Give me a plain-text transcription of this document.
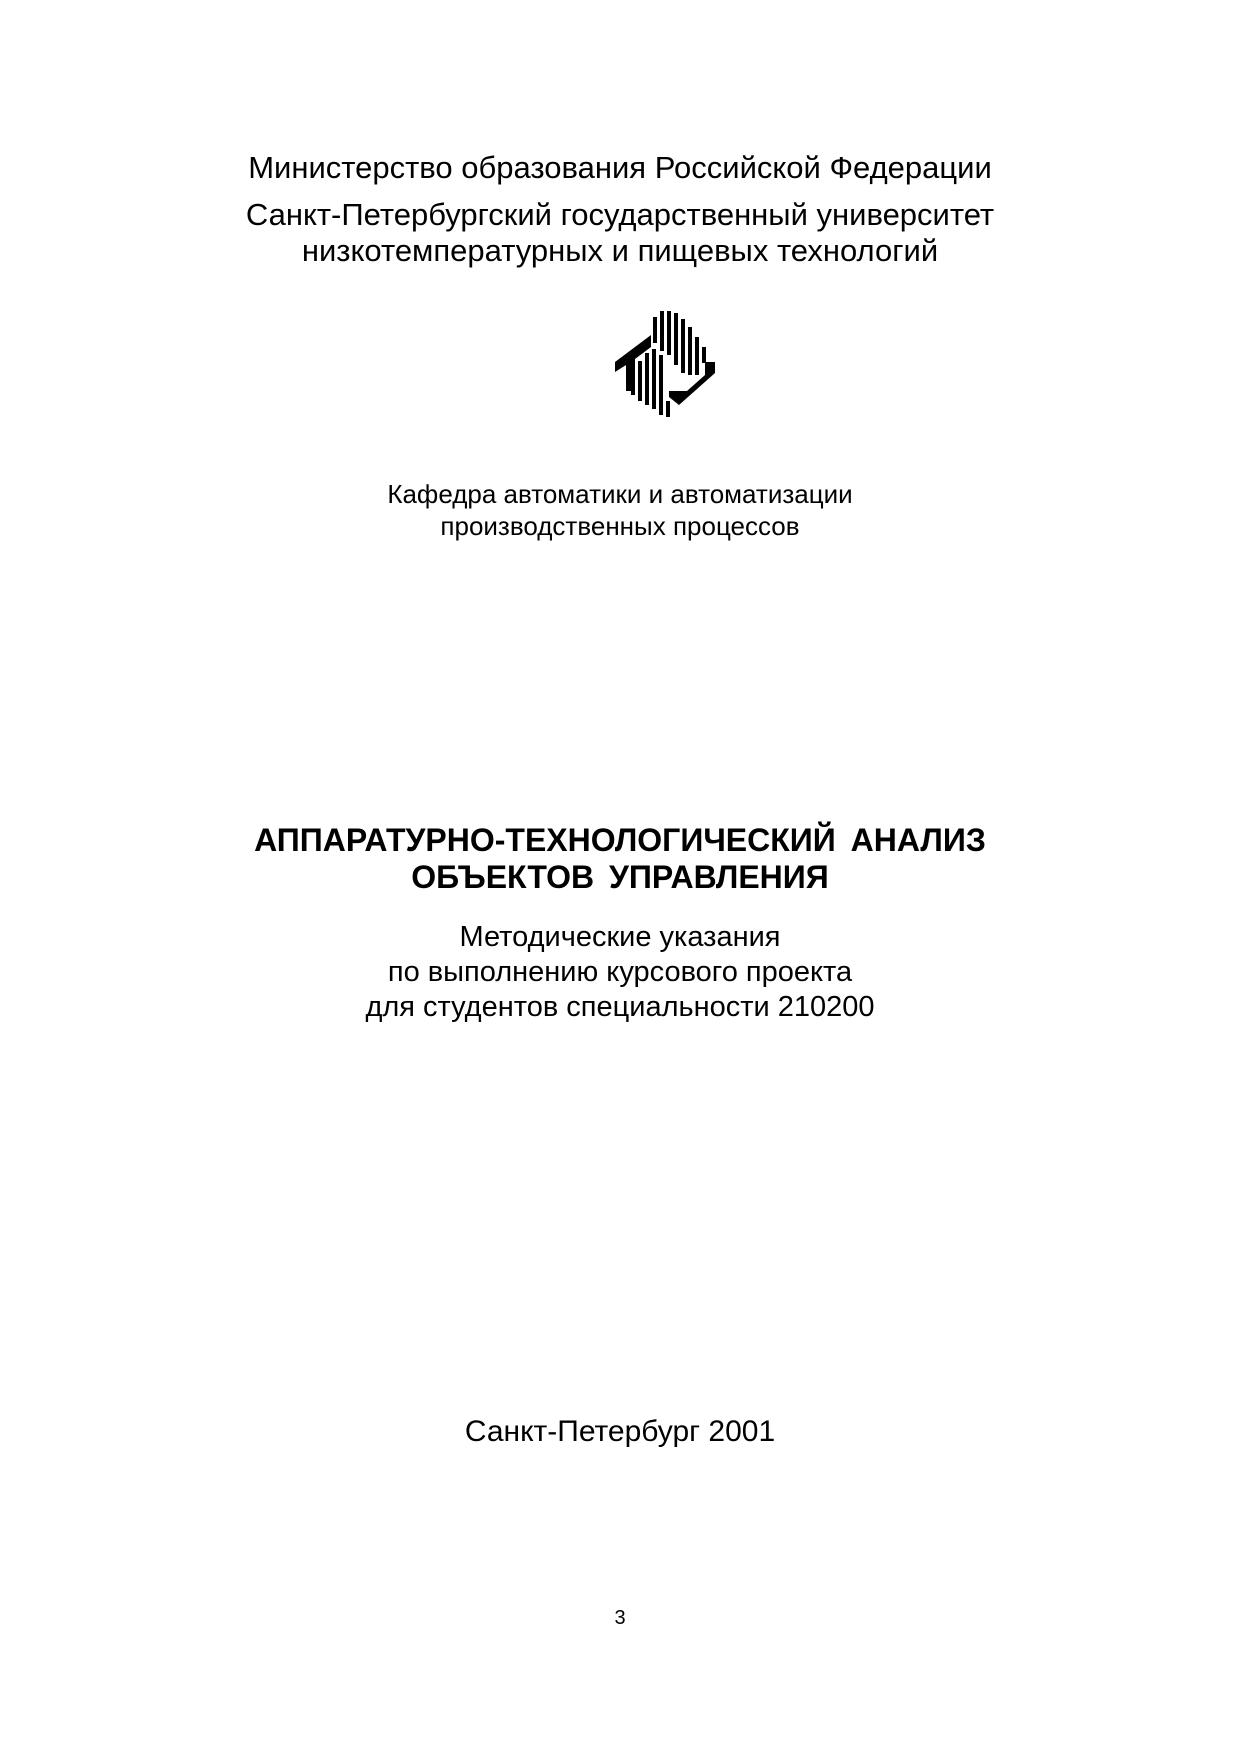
Министерство образования Российской Федерации
Санкт-Петербургский государственный университет
низкотемпературных и пищевых технологий
Кафедра автоматики и автоматизации
производственных процессов
АППАРАТУРНО-ТЕХНОЛОГИЧЕСКИЙ АНАЛИЗ
ОБЪЕКТОВ УПРАВЛЕНИЯ
Методические указания
по выполнению курсового проекта
для студентов специальности 210200
Санкт-Петербург 2001
3
